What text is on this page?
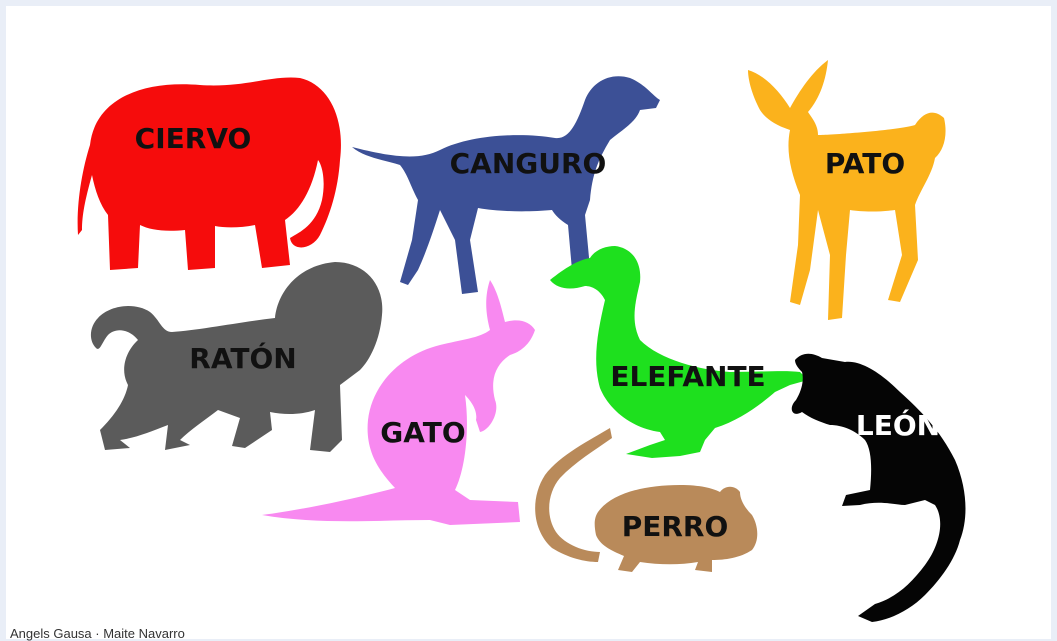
CIERVO
CANGURO	PATO
RATÓN
GATO
ELEFANTE
PERRO
LEÓN
Angels Gausa · Maite Navarro
